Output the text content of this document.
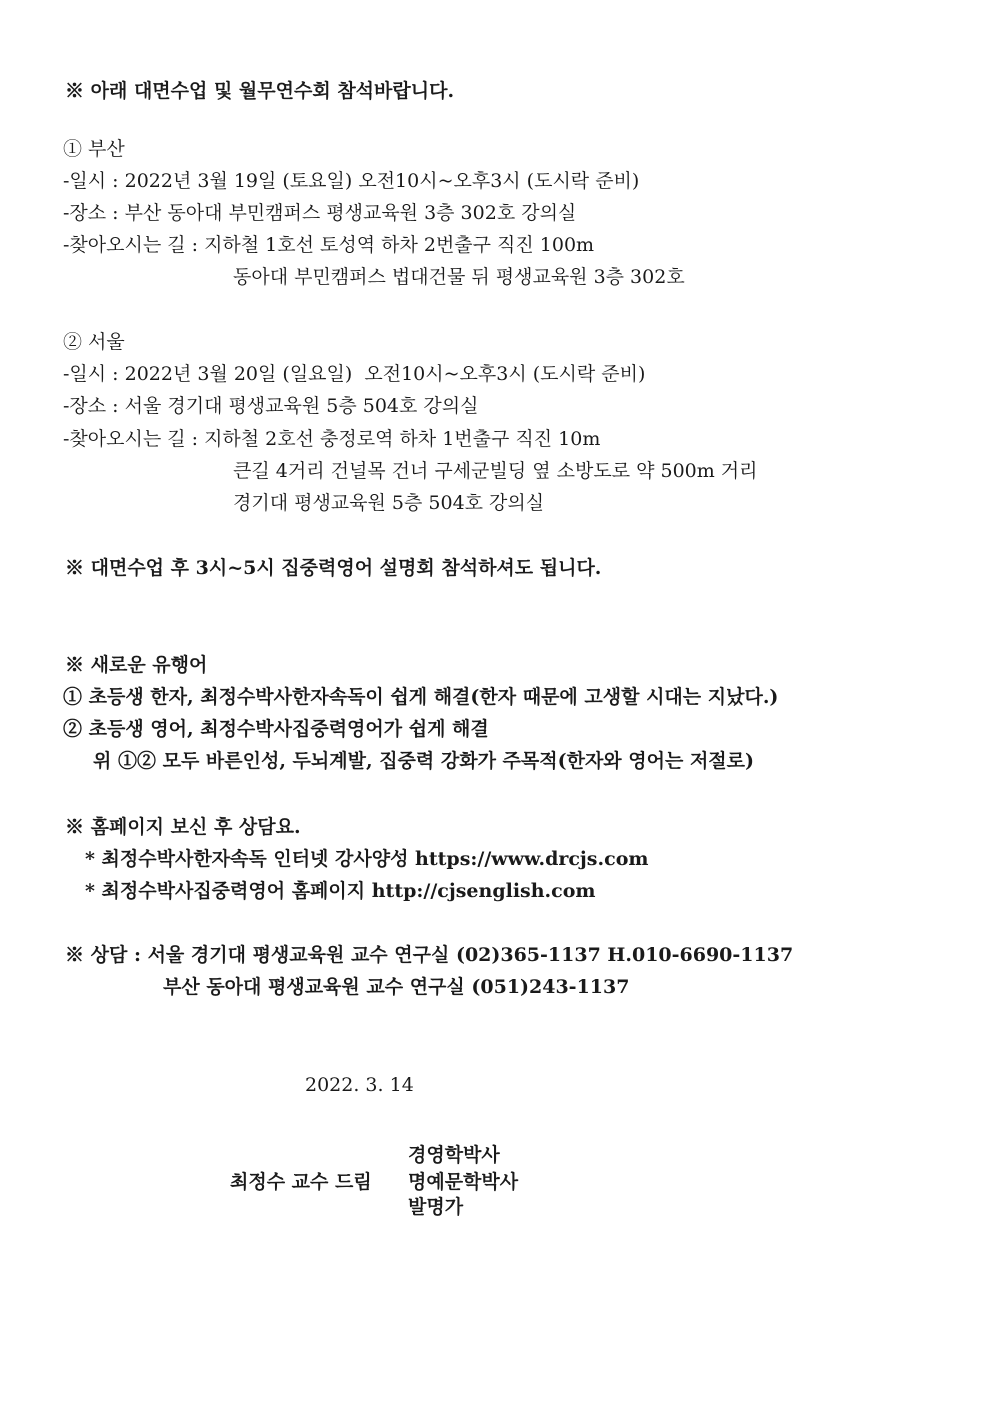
※ 아래 대면수업 및 월무연수회 참석바랍니다.
① 부산
-일시 : 2022년 3월 19일 (토요일) 오전10시~오후3시 (도시락 준비)
-장소 : 부산 동아대 부민캠퍼스 평생교육원 3층 302호 강의실
-찾아오시는 길 : 지하철 1호선 토성역 하차 2번출구 직진 100m
동아대 부민캠퍼스 법대건물 뒤 평생교육원 3층 302호
② 서울
-일시 : 2022년 3월 20일 (일요일)  오전10시~오후3시 (도시락 준비)
-장소 : 서울 경기대 평생교육원 5층 504호 강의실
-찾아오시는 길 : 지하철 2호선 충정로역 하차 1번출구 직진 10m
큰길 4거리 건널목 건너 구세군빌딩 옆 소방도로 약 500m 거리
경기대 평생교육원 5층 504호 강의실
※ 대면수업 후 3시~5시 집중력영어 설명회 참석하셔도 됩니다.
※ 새로운 유행어
① 초등생 한자, 최정수박사한자속독이 쉽게 해결(한자 때문에 고생할 시대는 지났다.)
② 초등생 영어, 최정수박사집중력영어가 쉽게 해결
위 ①② 모두 바른인성, 두뇌계발, 집중력 강화가 주목적(한자와 영어는 저절로)
※ 홈페이지 보신 후 상담요.
* 최정수박사한자속독 인터넷 강사양성 https://www.drcjs.com
* 최정수박사집중력영어 홈페이지 http://cjsenglish.com
※ 상담 : 서울 경기대 평생교육원 교수 연구실 (02)365-1137 H.010-6690-1137
부산 동아대 평생교육원 교수 연구실 (051)243-1137
2022. 3. 14
경영학박사
최정수 교수 드림 명예문학박사
발명가
